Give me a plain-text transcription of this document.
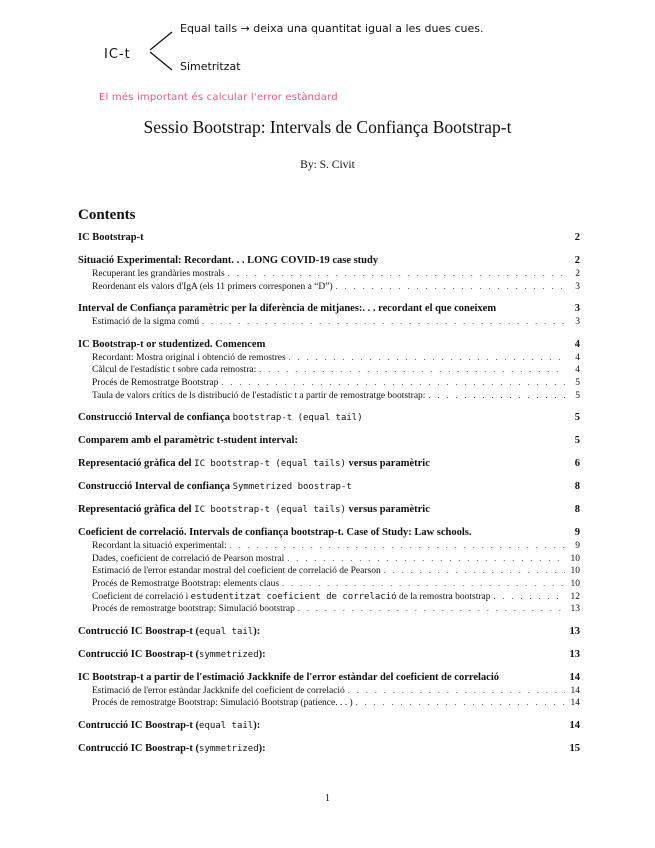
IC-t
Equal tails → deixa una quantitat igual a les dues cues.
Simetritzat
El més important és calcular l'error estàndard
Sessio Bootstrap: Intervals de Confiança Bootstrap-t
By: S. Civit
Contents
IC Bootstrap-t	2
Situació Experimental: Recordant. . . LONG COVID-19 case study	2
Recuperant les grandàries mostrals . . .	2
Reordenant els valors d'IgA (els 11 primers corresponen a “D”) . . .	3
Interval de Confiança paramètric per la diferència de mitjanes:. . . recordant el que coneixem	3
Estimació de la sigma comú . . .	3
IC Bootstrap-t or studentized. Comencem	4
Recordant: Mostra original i obtenció de remostres . . .	4
Càlcul de l'estadístic t sobre cada remostra: . . .	4
Procés de Remostratge Bootstrap . . .	5
Taula de valors crítics de ls distribució de l'estadístic t a partir de remostratge bootstrap: . . .	5
Construcció Interval de confiança bootstrap-t (equal tail)	5
Comparem amb el paramètric t-student interval:	5
Representació gràfica del IC bootstrap-t (equal tails) versus paramètric	6
Construcció Interval de confiança Symmetrized boostrap-t	8
Representació gràfica del IC bootstrap-t (equal tails) versus paramètric	8
Coeficient de correlació. Intervals de confiança bootstrap-t. Case of Study: Law schools.	9
Recordant la situació experimental: . . .	9
Dades, coeficient de correlació de Pearson mostral . . .	10
Estimació de l'error estandar mostral del coeficient de correlació de Pearson . . .	10
Procés de Remostratge Bootstrap: elements claus . . .	10
Coeficient de correlació i estudentitzat coeficient de correlació de la remostra bootstrap . . .	12
Procés de remostratge bootstrap: Simulació bootstrap . . .	13
Contrucció IC Boostrap-t (equal tail):	13
Contrucció IC Boostrap-t (symmetrized):	13
IC Bootstrap-t a partir de l'estimació Jackknife de l'error estàndar del coeficient de correlació	14
Estimació de l'error estàndar Jackknife del coeficient de correlació . . .	14
Procés de remostratge Bootstrap: Simulació Bootstrap (patience. . . ) . . .	14
Contrucció IC Boostrap-t (equal tail):	14
Contrucció IC Boostrap-t (symmetrized):	15
1
